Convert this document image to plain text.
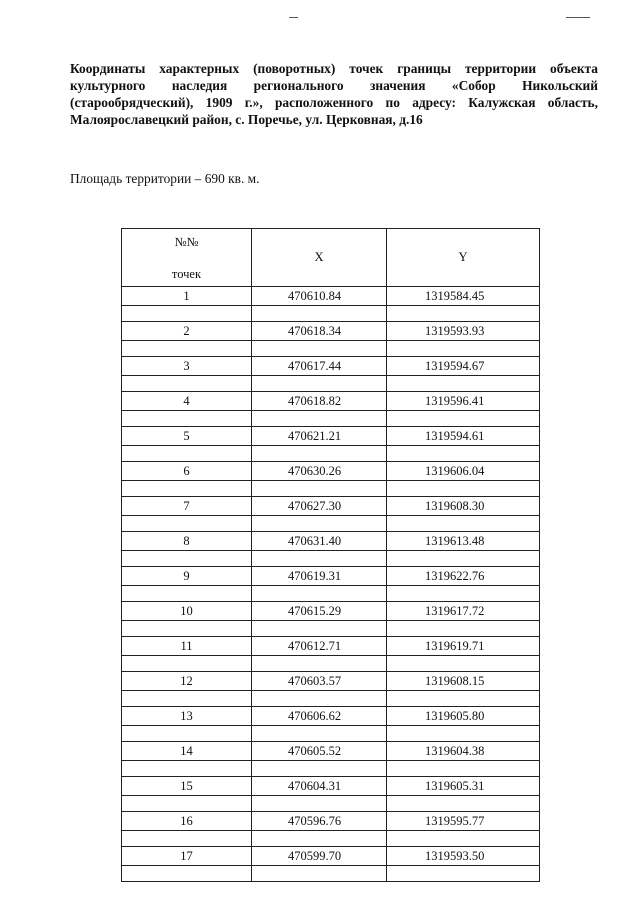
Координаты характерных (поворотных) точек границы территории объекта культурного наследия регионального значения «Собор Никольский (старообрядческий), 1909 г.», расположенного по адресу: Калужская область, Малоярославецкий район, с. Поречье, ул. Церковная, д.16
Площадь территории – 690 кв. м.
№№
точек	X	Y
1	470610.84	1319584.45

2	470618.34	1319593.93

3	470617.44	1319594.67

4	470618.82	1319596.41

5	470621.21	1319594.61

6	470630.26	1319606.04

7	470627.30	1319608.30

8	470631.40	1319613.48

9	470619.31	1319622.76

10	470615.29	1319617.72

11	470612.71	1319619.71

12	470603.57	1319608.15

13	470606.62	1319605.80

14	470605.52	1319604.38

15	470604.31	1319605.31

16	470596.76	1319595.77

17	470599.70	1319593.50
